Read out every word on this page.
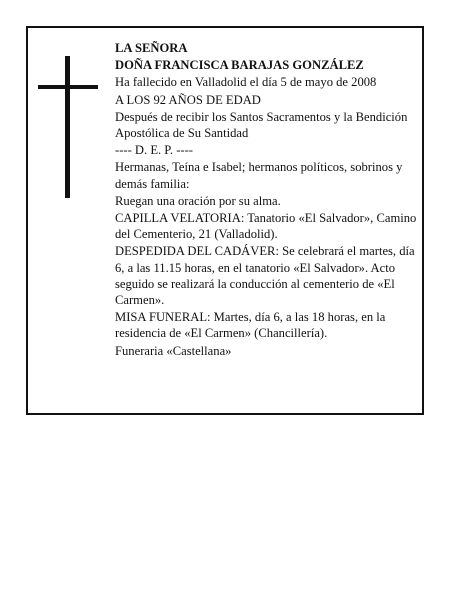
LA SEÑORA

DOÑA FRANCISCA BARAJAS GONZÁLEZ

Ha fallecido en Valladolid el día 5 de mayo de 2008

A LOS 92 AÑOS DE EDAD

Después de recibir los Santos Sacramentos y la Bendición Apostólica de Su Santidad

---- D. E. P. ----

Hermanas, Teína e Isabel; hermanos políticos, sobrinos y demás familia:

Ruegan una oración por su alma.

CAPILLA VELATORIA: Tanatorio «El Salvador», Camino del Cementerio, 21 (Valladolid).

DESPEDIDA DEL CADÁVER: Se celebrará el martes, día 6, a las 11.15 horas, en el tanatorio «El Salvador». Acto seguido se realizará la conducción al cementerio de «El Carmen».

MISA FUNERAL: Martes, día 6, a las 18 horas, en la residencia de «El Carmen» (Chancillería).

Funeraria «Castellana»
